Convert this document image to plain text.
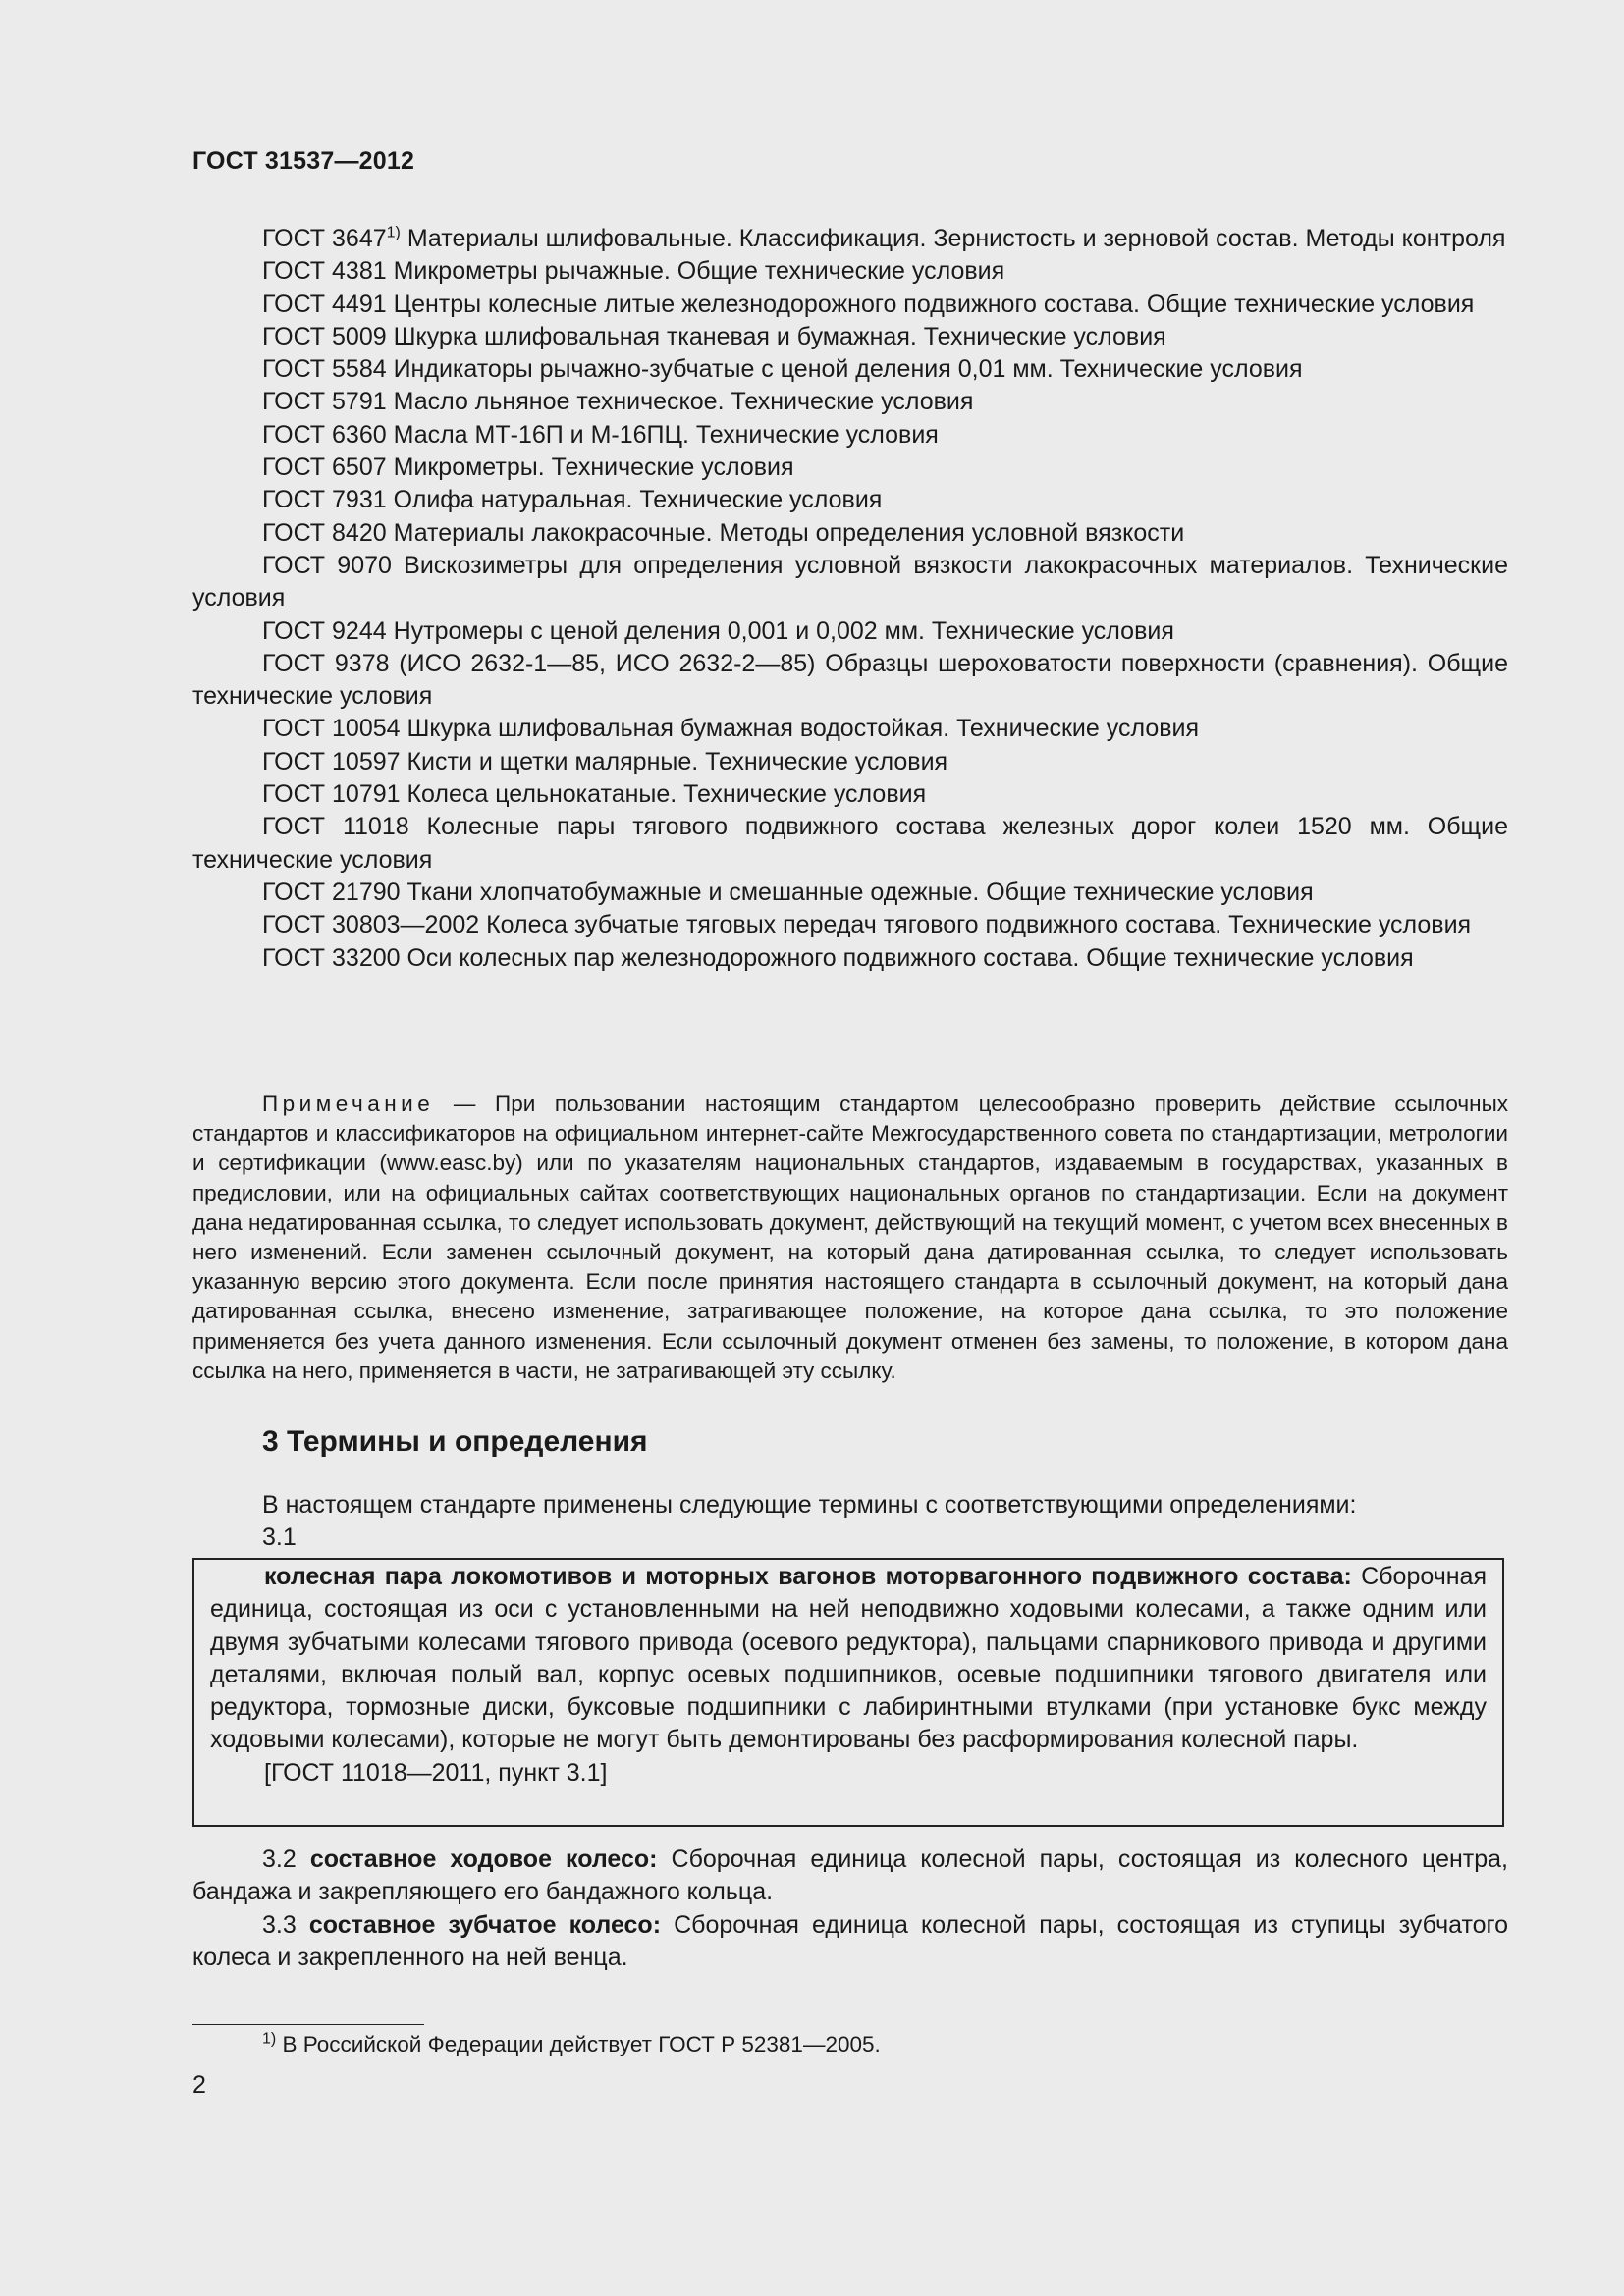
ГОСТ 31537—2012

ГОСТ 3647$^{1)}$ Материалы шлифовальные. Классификация. Зернистость и зерновой состав. Методы контроля

ГОСТ 4381 Микрометры рычажные. Общие технические условия

ГОСТ 4491 Центры колесные литые железнодорожного подвижного состава. Общие технические условия

ГОСТ 5009 Шкурка шлифовальная тканевая и бумажная. Технические условия

ГОСТ 5584 Индикаторы рычажно-зубчатые с ценой деления 0,01 мм. Технические условия

ГОСТ 5791 Масло льняное техническое. Технические условия

ГОСТ 6360 Масла МТ-16П и М-16ПЦ. Технические условия

ГОСТ 6507 Микрометры. Технические условия

ГОСТ 7931 Олифа натуральная. Технические условия

ГОСТ 8420 Материалы лакокрасочные. Методы определения условной вязкости

ГОСТ 9070 Вискозиметры для определения условной вязкости лакокрасочных материалов. Технические условия

ГОСТ 9244 Нутромеры с ценой деления 0,001 и 0,002 мм. Технические условия

ГОСТ 9378 (ИСО 2632-1—85, ИСО 2632-2—85) Образцы шероховатости поверхности (сравнения). Общие технические условия

ГОСТ 10054 Шкурка шлифовальная бумажная водостойкая. Технические условия

ГОСТ 10597 Кисти и щетки малярные. Технические условия

ГОСТ 10791 Колеса цельнокатаные. Технические условия

ГОСТ 11018 Колесные пары тягового подвижного состава железных дорог колеи 1520 мм. Общие технические условия

ГОСТ 21790 Ткани хлопчатобумажные и смешанные одежные. Общие технические условия

ГОСТ 30803—2002 Колеса зубчатые тяговых передач тягового подвижного состава. Технические условия

ГОСТ 33200 Оси колесных пар железнодорожного подвижного состава. Общие технические условия

Примечание — При пользовании настоящим стандартом целесообразно проверить действие ссылочных стандартов и классификаторов на официальном интернет-сайте Межгосударственного совета по стандартизации, метрологии и сертификации (www.easc.by) или по указателям национальных стандартов, издаваемым в государствах, указанных в предисловии, или на официальных сайтах соответствующих национальных органов по стандартизации. Если на документ дана недатированная ссылка, то следует использовать документ, действующий на текущий момент, с учетом всех внесенных в него изменений. Если заменен ссылочный документ, на который дана датированная ссылка, то следует использовать указанную версию этого документа. Если после принятия настоящего стандарта в ссылочный документ, на который дана датированная ссылка, внесено изменение, затрагивающее положение, на которое дана ссылка, то это положение применяется без учета данного изменения. Если ссылочный документ отменен без замены, то положение, в котором дана ссылка на него, применяется в части, не затрагивающей эту ссылку.

3 Термины и определения

В настоящем стандарте применены следующие термины с соответствующими определениями:

3.1

колесная пара локомотивов и моторных вагонов моторвагонного подвижного состава: Сборочная единица, состоящая из оси с установленными на ней неподвижно ходовыми колесами, а также одним или двумя зубчатыми колесами тягового привода (осевого редуктора), пальцами спарникового привода и другими деталями, включая полый вал, корпус осевых подшипников, осевые подшипники тягового двигателя или редуктора, тормозные диски, буксовые подшипники с лабиринтными втулками (при установке букс между ходовыми колесами), которые не могут быть демонтированы без расформирования колесной пары.

[ГОСТ 11018—2011, пункт 3.1]

3.2 составное ходовое колесо: Сборочная единица колесной пары, состоящая из колесного центра, бандажа и закрепляющего его бандажного кольца.

3.3 составное зубчатое колесо: Сборочная единица колесной пары, состоящая из ступицы зубчатого колеса и закрепленного на ней венца.

$^{1)}$ В Российской Федерации действует ГОСТ Р 52381—2005.

2
